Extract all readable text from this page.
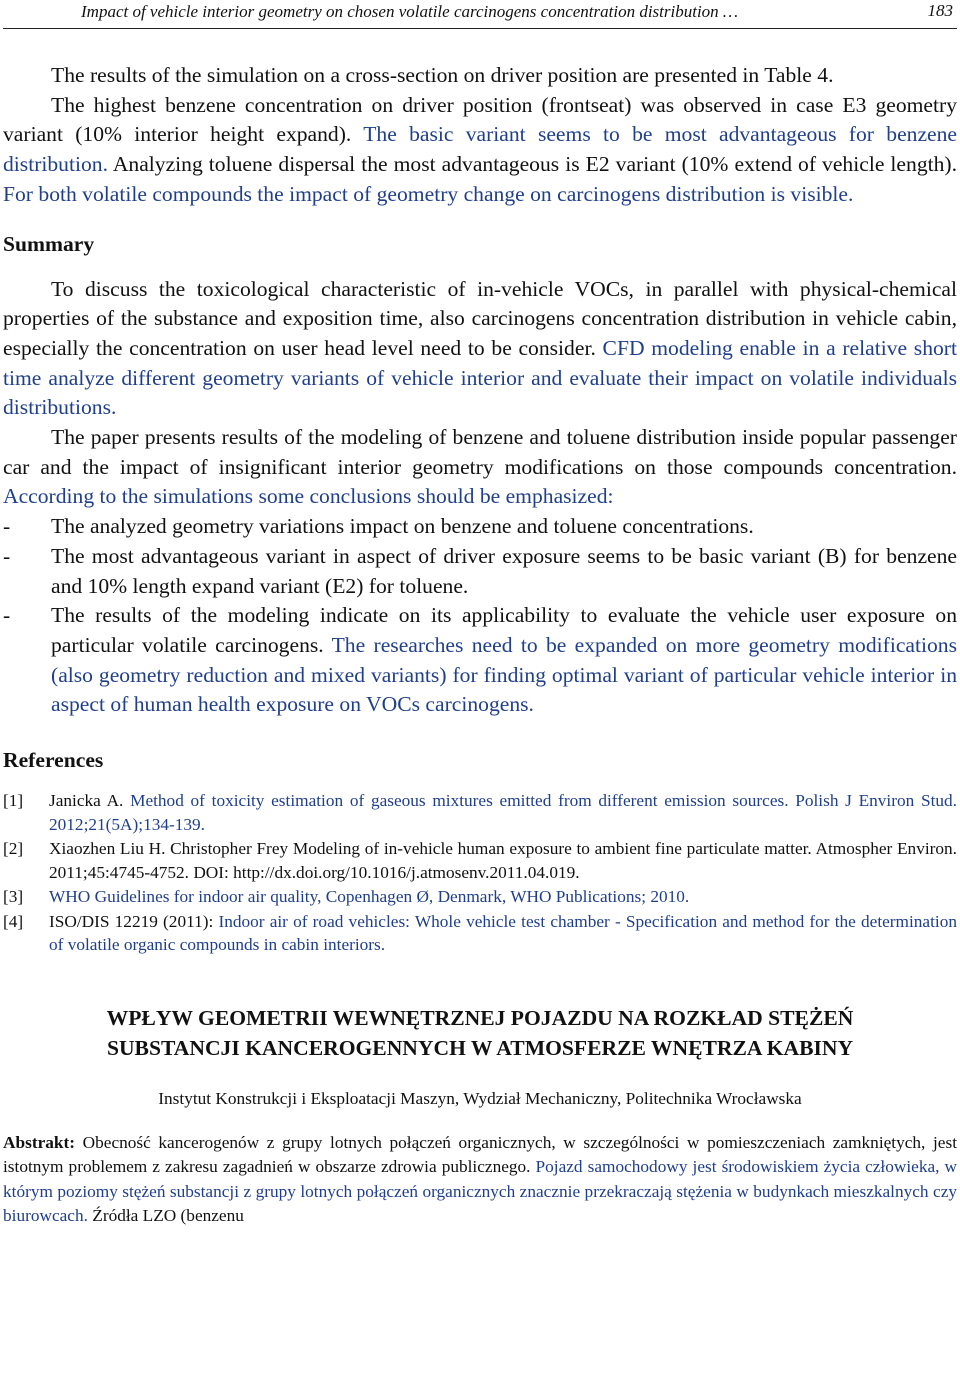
Impact of vehicle interior geometry on chosen volatile carcinogens concentration distribution …	183

The results of the simulation on a cross-section on driver position are presented in Table 4.

The highest benzene concentration on driver position (frontseat) was observed in case E3 geometry variant (10% interior height expand). The basic variant seems to be most advantageous for benzene distribution. Analyzing toluene dispersal the most advantageous is E2 variant (10% extend of vehicle length). For both volatile compounds the impact of geometry change on carcinogens distribution is visible.

Summary

To discuss the toxicological characteristic of in-vehicle VOCs, in parallel with physical-chemical properties of the substance and exposition time, also carcinogens concentration distribution in vehicle cabin, especially the concentration on user head level need to be consider. CFD modeling enable in a relative short time analyze different geometry variants of vehicle interior and evaluate their impact on volatile individuals distributions.

The paper presents results of the modeling of benzene and toluene distribution inside popular passenger car and the impact of insignificant interior geometry modifications on those compounds concentration. According to the simulations some conclusions should be emphasized:

- The analyzed geometry variations impact on benzene and toluene concentrations.
- The most advantageous variant in aspect of driver exposure seems to be basic variant (B) for benzene and 10% length expand variant (E2) for toluene.
- The results of the modeling indicate on its applicability to evaluate the vehicle user exposure on particular volatile carcinogens. The researches need to be expanded on more geometry modifications (also geometry reduction and mixed variants) for finding optimal variant of particular vehicle interior in aspect of human health exposure on VOCs carcinogens.
References
[1] Janicka A. Method of toxicity estimation of gaseous mixtures emitted from different emission sources. Polish J Environ Stud. 2012;21(5A);134-139.
[2] Xiaozhen Liu H. Christopher Frey Modeling of in-vehicle human exposure to ambient fine particulate matter. Atmospher Environ. 2011;45:4745-4752. DOI: http://dx.doi.org/10.1016/j.atmosenv.2011.04.019.
[3] WHO Guidelines for indoor air quality, Copenhagen Ø, Denmark, WHO Publications; 2010.
[4] ISO/DIS 12219 (2011): Indoor air of road vehicles: Whole vehicle test chamber - Specification and method for the determination of volatile organic compounds in cabin interiors.
WPŁYW GEOMETRII WEWNĘTRZNEJ POJAZDU NA ROZKŁAD STĘŻEŃ
SUBSTANCJI KANCEROGENNYCH W ATMOSFERZE WNĘTRZA KABINY
Instytut Konstrukcji i Eksploatacji Maszyn, Wydział Mechaniczny, Politechnika Wrocławska

Abstrakt: Obecność kancerogenów z grupy lotnych połączeń organicznych, w szczególności w pomieszczeniach zamkniętych, jest istotnym problemem z zakresu zagadnień w obszarze zdrowia publicznego. Pojazd samochodowy jest środowiskiem życia człowieka, w którym poziomy stężeń substancji z grupy lotnych połączeń organicznych znacznie przekraczają stężenia w budynkach mieszkalnych czy biurowcach. Źródła LZO (benzenu
